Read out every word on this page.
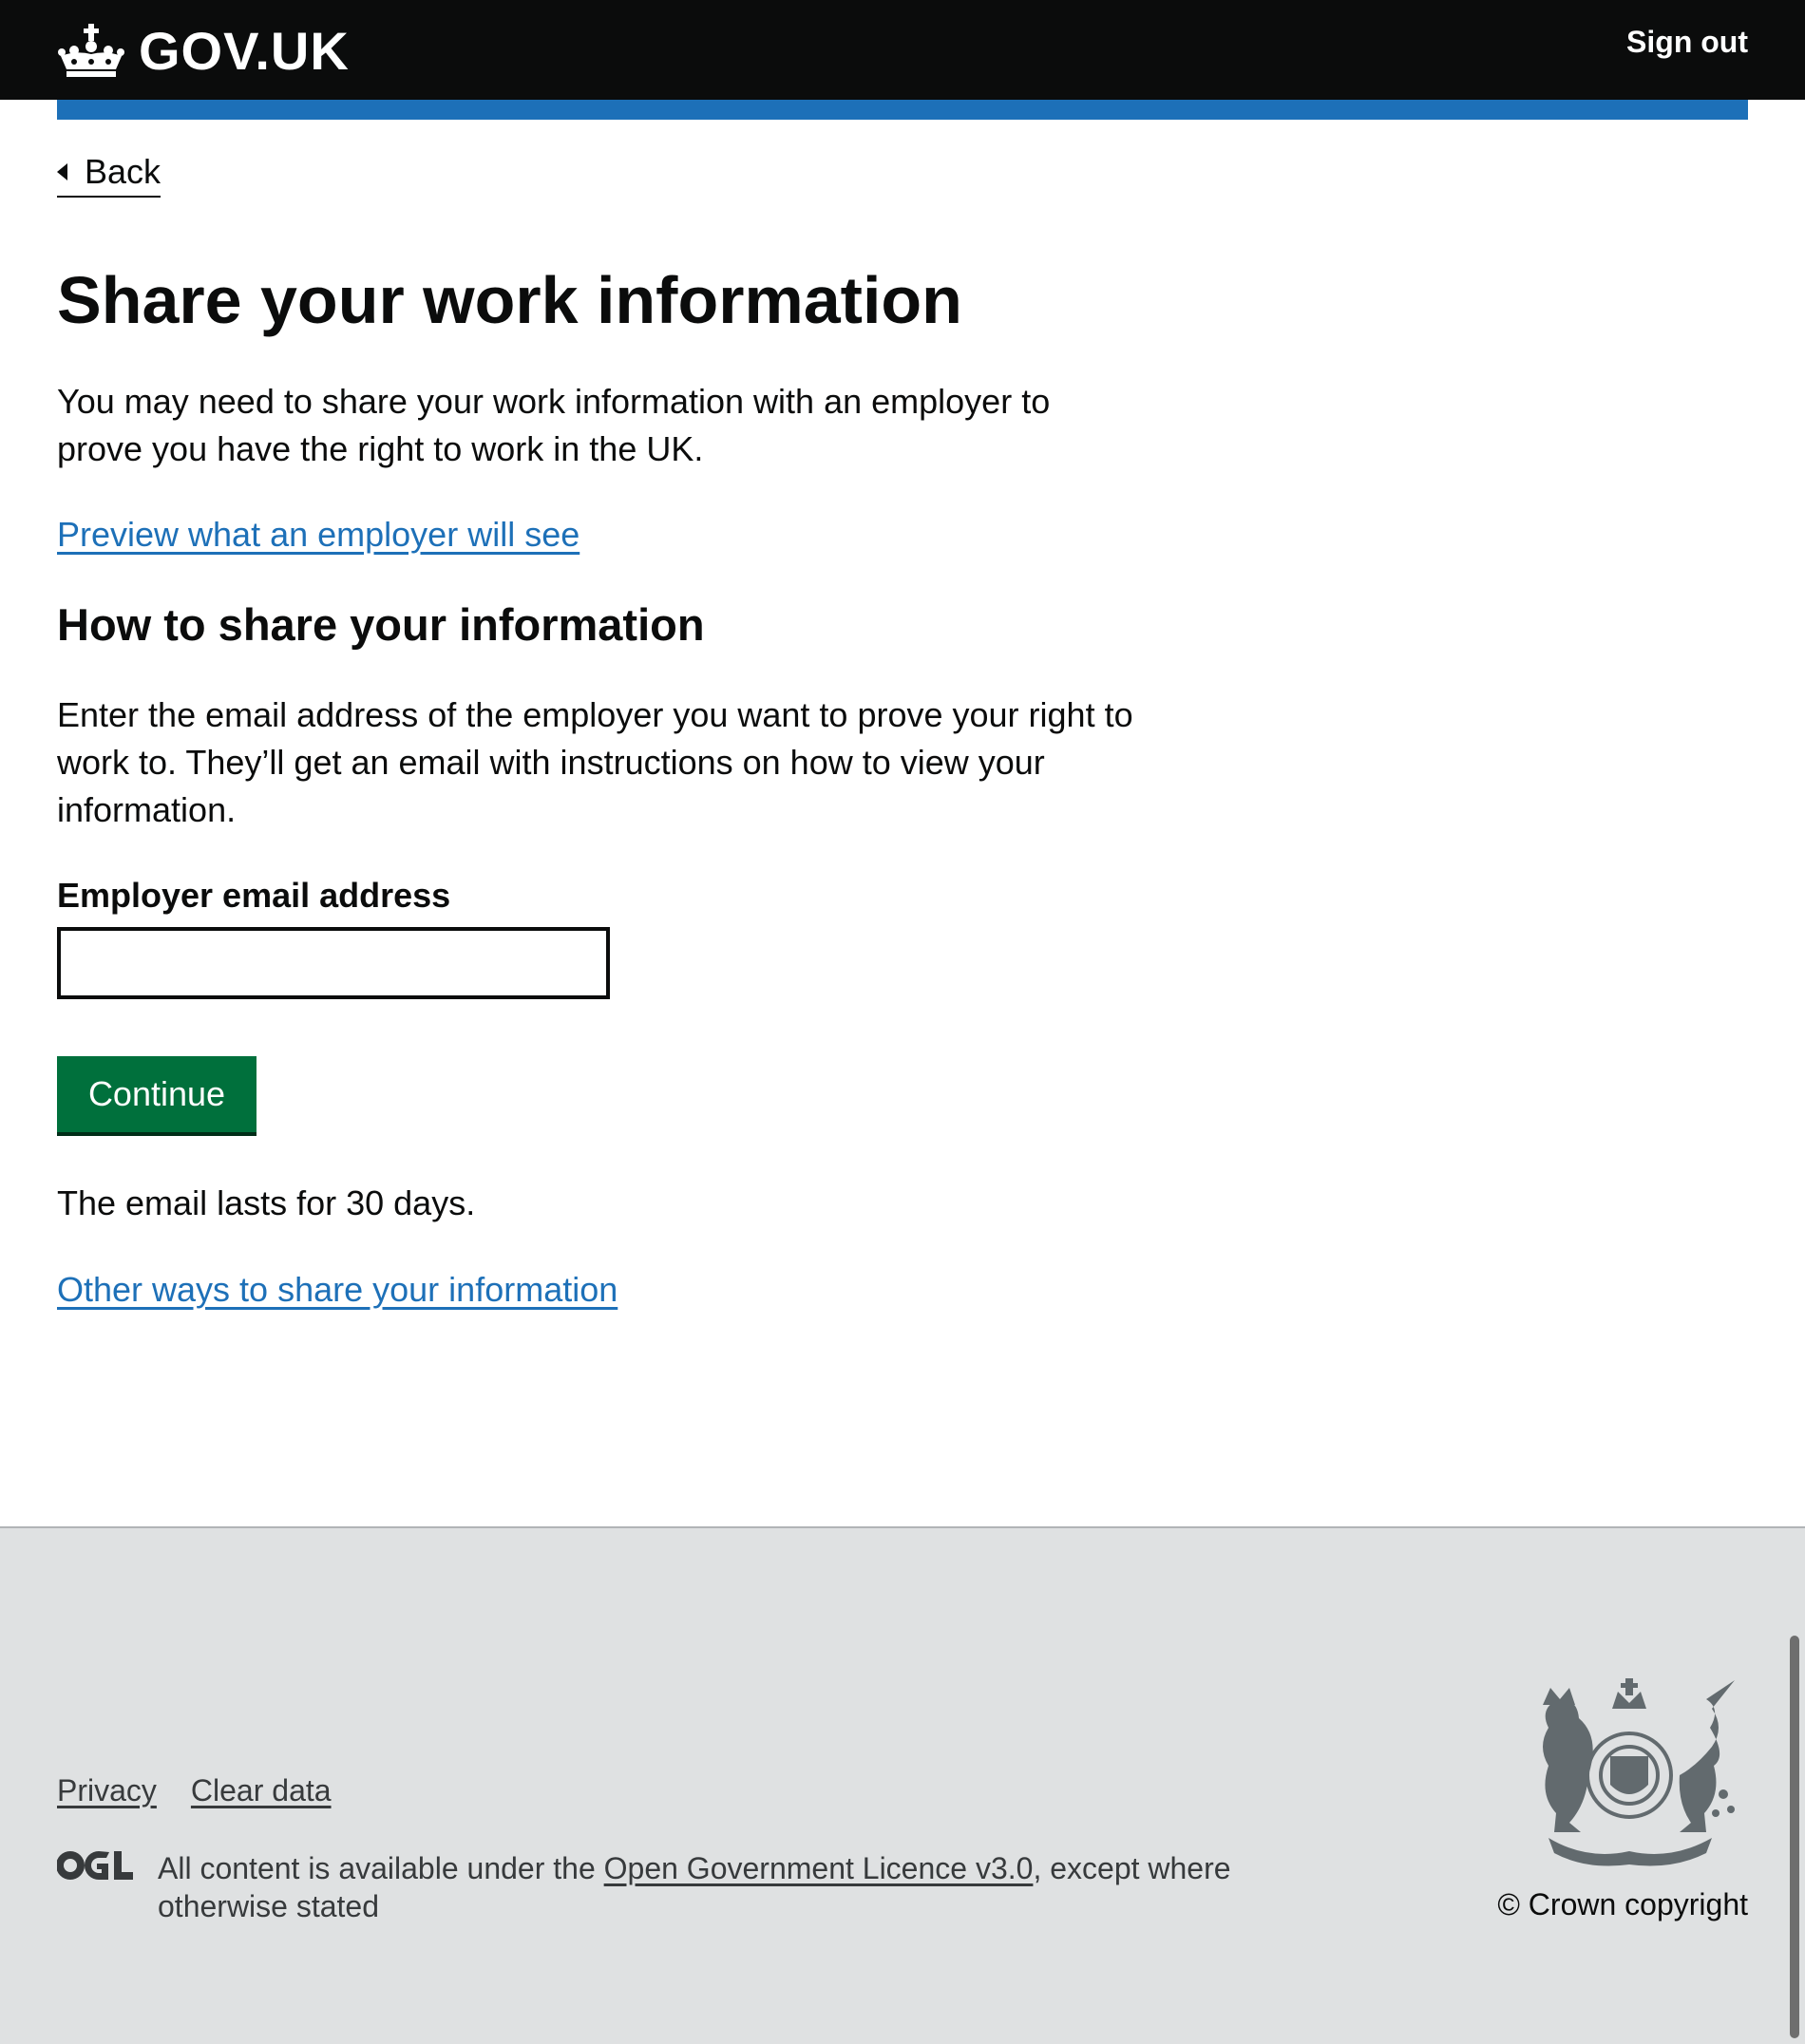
GOV.UK	Sign out
Back
Share your work information

You may need to share your work information with an employer to prove you have the right to work in the UK.

Preview what an employer will see
How to share your information

Enter the email address of the employer you want to prove your right to work to. They’ll get an email with instructions on how to view your information.

Employer email address
Continue

The email lasts for 30 days.

Other ways to share your information
Privacy Clear data
All content is available under the Open Government Licence v3.0, except where otherwise stated	© Crown copyright
